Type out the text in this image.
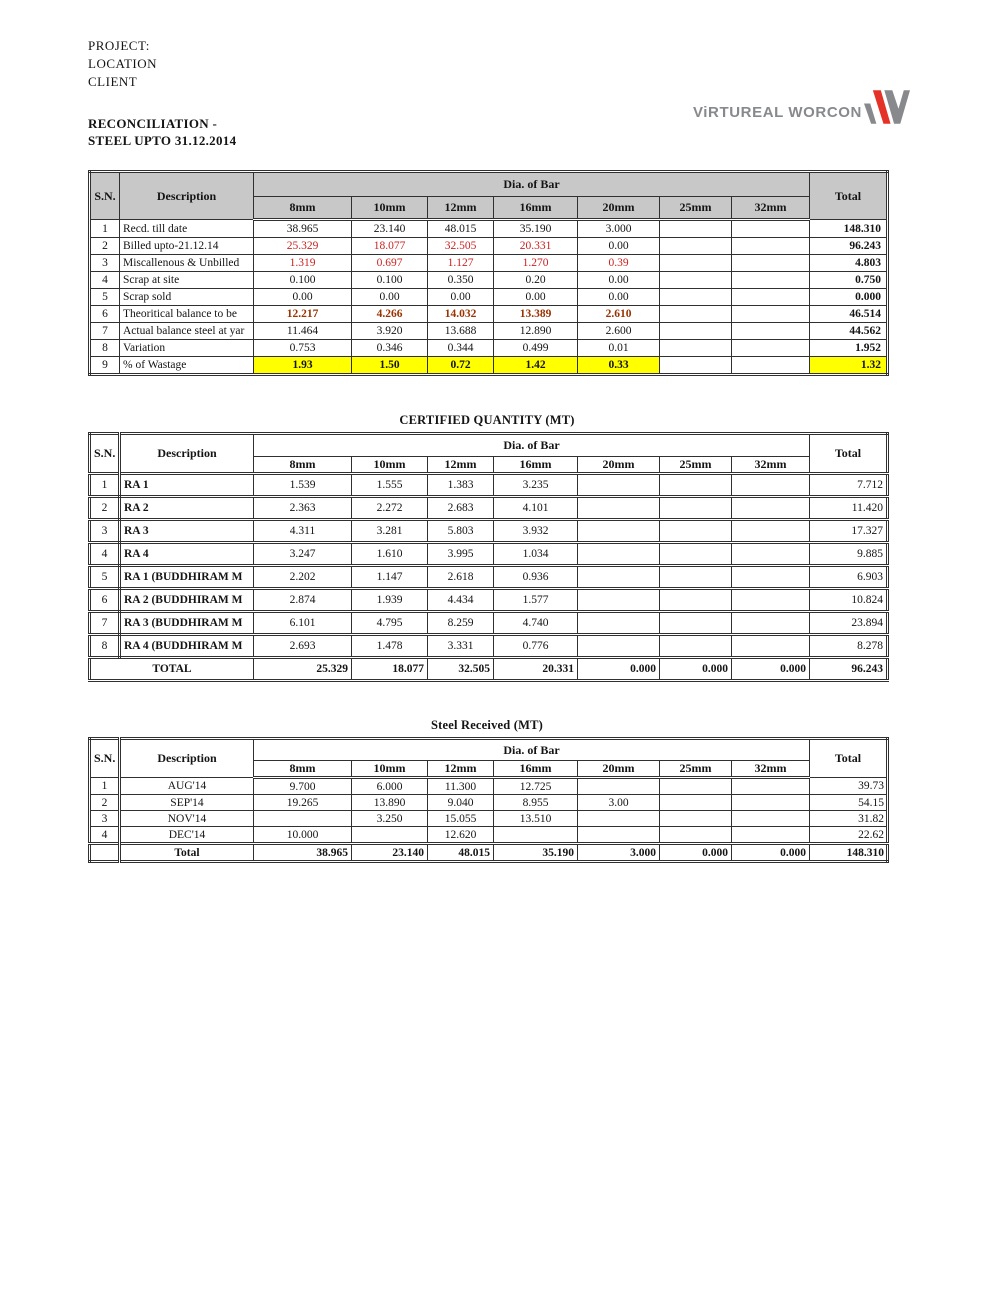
PROJECT:
LOCATION
CLIENT
ViRTUREAL WORCON
RECONCILIATION -
STEEL UPTO 31.12.2014
S.N.	Description	Dia. of Bar							Total
		8mm	10mm	12mm	16mm	20mm	25mm	32mm	
1	Recd. till date	38.965	23.140	48.015	35.190	3.000			148.310
2	Billed upto-21.12.14	25.329	18.077	32.505	20.331	0.00			96.243
3	Miscallenous & Unbilled	1.319	0.697	1.127	1.270	0.39			4.803
4	Scrap at site	0.100	0.100	0.350	0.20	0.00			0.750
5	Scrap sold	0.00	0.00	0.00	0.00	0.00			0.000
6	Theoritical balance to be	12.217	4.266	14.032	13.389	2.610			46.514
7	Actual balance steel at yar	11.464	3.920	13.688	12.890	2.600			44.562
8	Variation	0.753	0.346	0.344	0.499	0.01			1.952
9	% of Wastage	1.93	1.50	0.72	1.42	0.33			1.32
CERTIFIED QUANTITY (MT)
S.N.	Description	Dia. of Bar							Total
		8mm	10mm	12mm	16mm	20mm	25mm	32mm	
1	RA 1	1.539	1.555	1.383	3.235				7.712
2	RA 2	2.363	2.272	2.683	4.101				11.420
3	RA 3	4.311	3.281	5.803	3.932				17.327
4	RA 4	3.247	1.610	3.995	1.034				9.885
5	RA 1 (BUDDHIRAM M	2.202	1.147	2.618	0.936				6.903
6	RA 2 (BUDDHIRAM M	2.874	1.939	4.434	1.577				10.824
7	RA 3 (BUDDHIRAM M	6.101	4.795	8.259	4.740				23.894
8	RA 4 (BUDDHIRAM M	2.693	1.478	3.331	0.776				8.278
TOTAL		25.329	18.077	32.505	20.331	0.000	0.000	0.000	96.243
Steel Received (MT)
S.N.	Description	Dia. of Bar							Total
		8mm	10mm	12mm	16mm	20mm	25mm	32mm	
1	AUG'14	9.700	6.000	11.300	12.725				39.73
2	SEP'14	19.265	13.890	9.040	8.955	3.00			54.15
3	NOV'14		3.250	15.055	13.510				31.82
4	DEC'14	10.000		12.620					22.62
	Total	38.965	23.140	48.015	35.190	3.000	0.000	0.000	148.310
